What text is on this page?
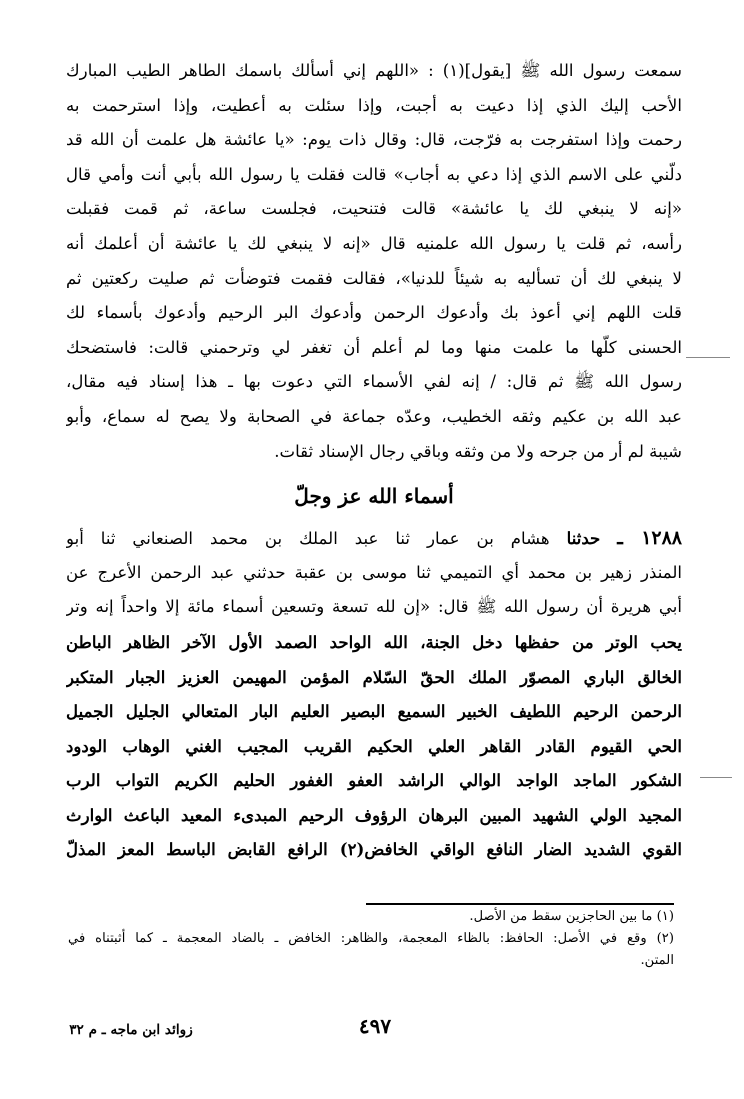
سمعت رسول الله ﷺ [يقول](١) : «اللهم إني أسألك باسمك الطاهر الطيب المبارك
الأحب إليك الذي إذا دعيت به أجبت، وإذا سئلت به أعطيت، وإذا استرحمت به
رحمت وإذا استفرجت به فرّجت، قال: وقال ذات يوم: «يا عائشة هل علمت أن الله قد
دلّني على الاسم الذي إذا دعي به أجاب» قالت فقلت يا رسول الله بأبي أنت وأمي قال
«إنه لا ينبغي لك يا عائشة» قالت فتنحيت، فجلست ساعة، ثم قمت فقبلت
رأسه، ثم قلت يا رسول الله علمنيه قال «إنه لا ينبغي لك يا عائشة أن أعلمك أنه
لا ينبغي لك أن تسأليه به شيئاً للدنيا»، فقالت فقمت فتوضأت ثم صليت ركعتين ثم
قلت اللهم إني أعوذ بك وأدعوك الرحمن وأدعوك البر الرحيم وأدعوك بأسماء لك
الحسنى كلّها ما علمت منها وما لم أعلم أن تغفر لي وترحمني قالت: فاستضحك
رسول الله ﷺ ثم قال: / إنه لفي الأسماء التي دعوت بها ـ هذا إسناد فيه مقال،
عبد الله بن عكيم وثقه الخطيب، وعدّه جماعة في الصحابة ولا يصح له سماع، وأبو
شيبة لم أر من جرحه ولا من وثقه وباقي رجال الإسناد ثقات.
أسماء الله عز وجلّ
١٢٨٨ ـ حدثنا هشام بن عمار ثنا عبد الملك بن محمد الصنعاني ثنا أبو
المنذر زهير بن محمد أي التميمي ثنا موسى بن عقبة حدثني عبد الرحمن الأعرج عن
أبي هريرة أن رسول الله ﷺ قال: «إن لله تسعة وتسعين أسماء مائة إلا واحداً إنه وتر
يحب الوتر من حفظها دخل الجنة، الله الواحد الصمد الأول الآخر الظاهر الباطن
الخالق الباري المصوّر الملك الحقّ السّلام المؤمن المهيمن العزيز الجبار المتكبر
الرحمن الرحيم اللطيف الخبير السميع البصير العليم البار المتعالي الجليل الجميل
الحي القيوم القادر القاهر العلي الحكيم القريب المجيب الغني الوهاب الودود
الشكور الماجد الواجد الوالي الراشد العفو الغفور الحليم الكريم التواب الرب
المجيد الولي الشهيد المبين البرهان الرؤوف الرحيم المبدىء المعيد الباعث الوارث
القوي الشديد الضار النافع الواقي الخافض(٢) الرافع القابض الباسط المعز المذلّ
(١) ما بين الحاجزين سقط من الأصل.
(٢) وقع في الأصل: الحافظ: بالظاء المعجمة، والظاهر: الخافض ـ بالضاد المعجمة ـ كما أثبتناه في
المتن.
٤٩٧
زوائد ابن ماجه ـ م ٣٢
